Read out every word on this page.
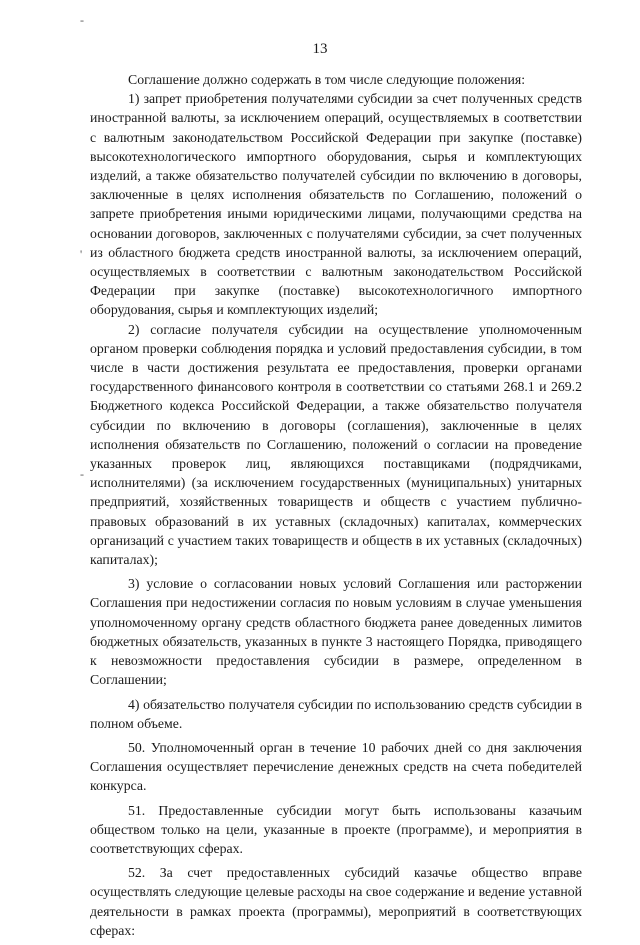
-
'
-
13

Соглашение должно содержать в том числе следующие положения:

1) запрет приобретения получателями субсидии за счет полученных средств иностранной валюты, за исключением операций, осуществляемых в соответствии с валютным законодательством Российской Федерации при закупке (поставке) высокотехнологического импортного оборудования, сырья и комплектующих изделий, а также обязательство получателей субсидии по включению в договоры, заключенные в целях исполнения обязательств по Соглашению, положений о запрете приобретения иными юридическими лицами, получающими средства на основании договоров, заключенных с получателями субсидии, за счет полученных из областного бюджета средств иностранной валюты, за исключением операций, осуществляемых в соответствии с валютным законодательством Российской Федерации при закупке (поставке) высокотехнологичного импортного оборудования, сырья и комплектующих изделий;

2) согласие получателя субсидии на осуществление уполномоченным органом проверки соблюдения порядка и условий предоставления субсидии, в том числе в части достижения результата ее предоставления, проверки органами государственного финансового контроля в соответствии со статьями 268.1 и 269.2 Бюджетного кодекса Российской Федерации, а также обязательство получателя субсидии по включению в договоры (соглашения), заключенные в целях исполнения обязательств по Соглашению, положений о согласии на проведение указанных проверок лиц, являющихся поставщиками (подрядчиками, исполнителями) (за исключением государственных (муниципальных) унитарных предприятий, хозяйственных товариществ и обществ с участием публично-правовых образований в их уставных (складочных) капиталах, коммерческих организаций с участием таких товариществ и обществ в их уставных (складочных) капиталах);

3) условие о согласовании новых условий Соглашения или расторжении Соглашения при недостижении согласия по новым условиям в случае уменьшения уполномоченному органу средств областного бюджета ранее доведенных лимитов бюджетных обязательств, указанных в пункте 3 настоящего Порядка, приводящего к невозможности предоставления субсидии в размере, определенном в Соглашении;

4) обязательство получателя субсидии по использованию средств субсидии в полном объеме.

50. Уполномоченный орган в течение 10 рабочих дней со дня заключения Соглашения осуществляет перечисление денежных средств на счета победителей конкурса.

51. Предоставленные субсидии могут быть использованы казачьим обществом только на цели, указанные в проекте (программе), и мероприятия в соответствующих сферах.

52. За счет предоставленных субсидий казачье общество вправе осуществлять следующие целевые расходы на свое содержание и ведение уставной деятельности в рамках проекта (программы), мероприятий в соответствующих сферах:
